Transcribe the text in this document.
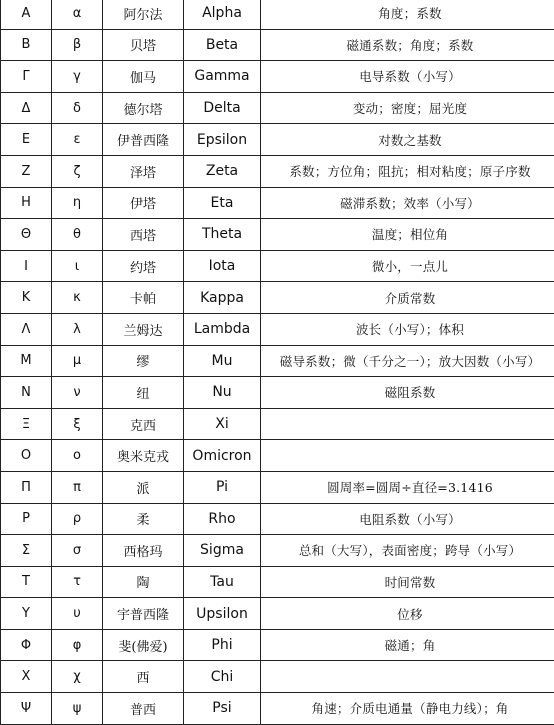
Α	α	阿尔法	Alpha	角度；系数
Β	β	贝塔	Beta	磁通系数；角度；系数
Γ	γ	伽马	Gamma	电导系数（小写）
Δ	δ	德尔塔	Delta	变动；密度；屈光度
Ε	ε	伊普西隆	Epsilon	对数之基数
Ζ	ζ	泽塔	Zeta	系数；方位角；阻抗；相对粘度；原子序数
Η	η	伊塔	Eta	磁滞系数；效率（小写）
Θ	θ	西塔	Theta	温度；相位角
Ι	ι	约塔	Iota	微小，一点儿
Κ	κ	卡帕	Kappa	介质常数
Λ	λ	兰姆达	Lambda	波长（小写）；体积
Μ	μ	缪	Mu	磁导系数；微（千分之一）；放大因数（小写）
Ν	ν	纽	Nu	磁阻系数
Ξ	ξ	克西	Xi	
Ο	ο	奥米克戎	Omicron	
Π	π	派	Pi	圆周率=圆周÷直径=3.1416
Ρ	ρ	柔	Rho	电阻系数（小写）
Σ	σ	西格玛	Sigma	总和（大写），表面密度；跨导（小写）
Τ	τ	陶	Tau	时间常数
Υ	υ	宇普西隆	Upsilon	位移
Φ	φ	斐(佛爱)	Phi	磁通；角
Χ	χ	西	Chi	
Ψ	ψ	普西	Psi	角速；介质电通量（静电力线）；角
